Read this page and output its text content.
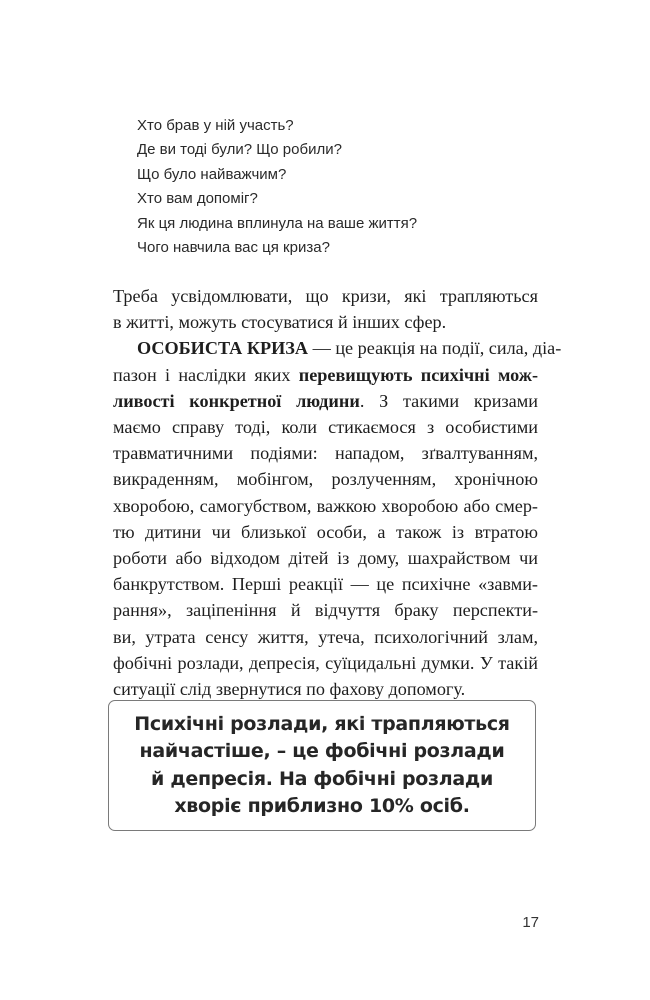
Хто брав у ній участь?
Де ви тоді були? Що робили?
Що було найважчим?
Хто вам допоміг?
Як ця людина вплинула на ваше життя?
Чого навчила вас ця криза?
Треба усвідомлювати, що кризи, які трапляються
в житті, можуть стосуватися й інших сфер.
ОСОБИСТА КРИЗА — це реакція на події, сила, діа-
пазон і наслідки яких перевищують психічні мож-
ливості конкретної людини. З такими кризами
маємо справу тоді, коли стикаємося з особистими
травматичними подіями: нападом, зґвалтуванням,
викраденням, мобінгом, розлученням, хронічною
хворобою, самогубством, важкою хворобою або смер-
тю дитини чи близької особи, а також із втратою
роботи або відходом дітей із дому, шахрайством чи
банкрутством. Перші реакції — це психічне «завми-
рання», заціпеніння й відчуття браку перспекти-
ви, утрата сенсу життя, утеча, психологічний злам,
фобічні розлади, депресія, суїцидальні думки. У такій
ситуації слід звернутися по фахову допомогу.
Психічні розлади, які трапляються
найчастіше, – це фобічні розлади
й депресія. На фобічні розлади
хворіє приблизно 10% осіб.
17
